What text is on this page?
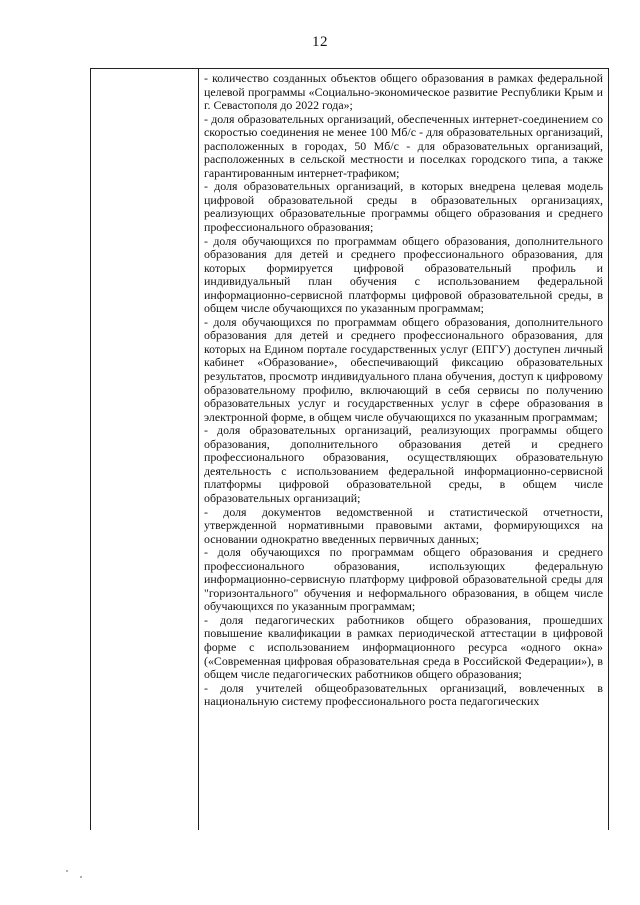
12

- количество созданных объектов общего образования в рамках федеральной целевой программы «Социально-экономическое развитие Республики Крым и г. Севастополя до 2022 года»;

- доля образовательных организаций, обеспеченных интернет-соединением со скоростью соединения не менее 100 Мб/с - для образовательных организаций, расположенных в городах, 50 Мб/с - для образовательных организаций, расположенных в сельской местности и поселках городского типа, а также гарантированным интернет-трафиком;

- доля образовательных организаций, в которых внедрена целевая модель цифровой образовательной среды в образовательных организациях, реализующих образовательные программы общего образования и среднего профессионального образования;

- доля обучающихся по программам общего образования, дополнительного образования для детей и среднего профессионального образования, для которых формируется цифровой образовательный профиль и индивидуальный план обучения с использованием федеральной информационно-сервисной платформы цифровой образовательной среды, в общем числе обучающихся по указанным программам;

- доля обучающихся по программам общего образования, дополнительного образования для детей и среднего профессионального образования, для которых на Едином портале государственных услуг (ЕПГУ) доступен личный кабинет «Образование», обеспечивающий фиксацию образовательных результатов, просмотр индивидуального плана обучения, доступ к цифровому образовательному профилю, включающий в себя сервисы по получению образовательных услуг и государственных услуг в сфере образования в электронной форме, в общем числе обучающихся по указанным программам;

- доля образовательных организаций, реализующих программы общего образования, дополнительного образования детей и среднего профессионального образования, осуществляющих образовательную деятельность с использованием федеральной информационно-сервисной платформы цифровой образовательной среды, в общем числе образовательных организаций;

- доля документов ведомственной и статистической отчетности, утвержденной нормативными правовыми актами, формирующихся на основании однократно введенных первичных данных;

- доля обучающихся по программам общего образования и среднего профессионального образования, использующих федеральную информационно-сервисную платформу цифровой образовательной среды для "горизонтального" обучения и неформального образования, в общем числе обучающихся по указанным программам;

- доля педагогических работников общего образования, прошедших повышение квалификации в рамках периодической аттестации в цифровой форме с использованием информационного ресурса «одного окна» («Современная цифровая образовательная среда в Российской Федерации»), в общем числе педагогических работников общего образования;

- доля учителей общеобразовательных организаций, вовлеченных в национальную систему профессионального роста педагогических
